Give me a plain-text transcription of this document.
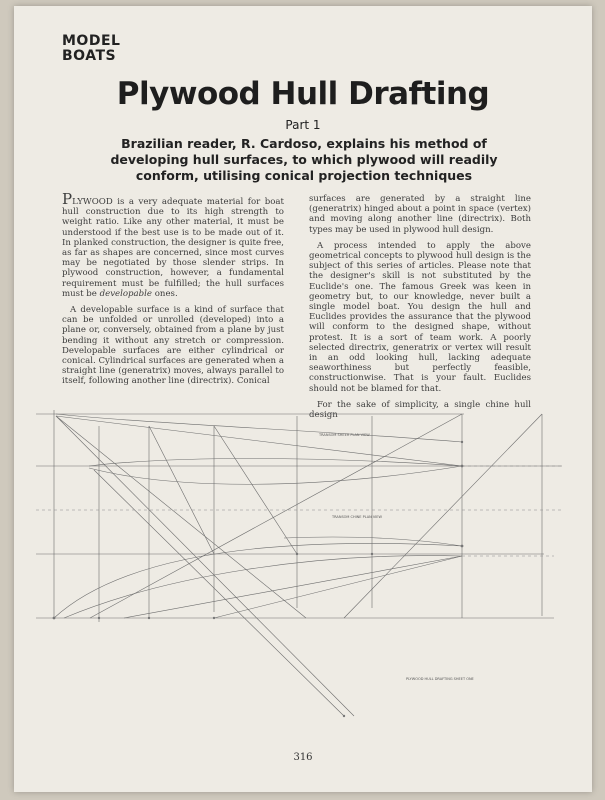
MODEL
BOATS
Plywood Hull Drafting
Part 1
Brazilian reader, R. Cardoso, explains his method of developing hull surfaces, to which plywood will readily conform, utilising conical projection techniques

PLYWOOD is a very adequate material for boat hull construction due to its high strength to weight ratio. Like any other material, it must be understood if the best use is to be made out of it. In planked construction, the designer is quite free, as far as shapes are concerned, since most curves may be negotiated by those slender strips. In plywood construction, however, a fundamental requirement must be fulfilled; the hull surfaces must be developable ones.

A developable surface is a kind of surface that can be unfolded or unrolled (developed) into a plane or, conversely, obtained from a plane by just bending it without any stretch or compression. Developable surfaces are either cylindrical or conical. Cylindrical surfaces are generated when a straight line (generatrix) moves, always parallel to itself, following another line (directrix). Conical

surfaces are generated by a straight line (generatrix) hinged about a point in space (vertex) and moving along another line (directrix). Both types may be used in plywood hull design.

A process intended to apply the above geometrical concepts to plywood hull design is the subject of this series of articles. Please note that the designer's skill is not substituted by the Euclide's one. The famous Greek was keen in geometry but, to our knowledge, never built a single model boat. You design the hull and Euclides provides the assurance that the plywood will conform to the designed shape, without protest. It is a sort of team work. A poorly selected directrix, generatrix or vertex will result in an odd looking hull, lacking adequate seaworthiness but perfectly feasible, constructionwise. That is your fault. Euclides should not be blamed for that.

For the sake of simplicity, a single chine hull design

TRANSOM SHEER PLAN VIEW
TRANSOM CHINE PLAN VIEW
PLYWOOD HULL DRAFTING SHEET ONE
316
